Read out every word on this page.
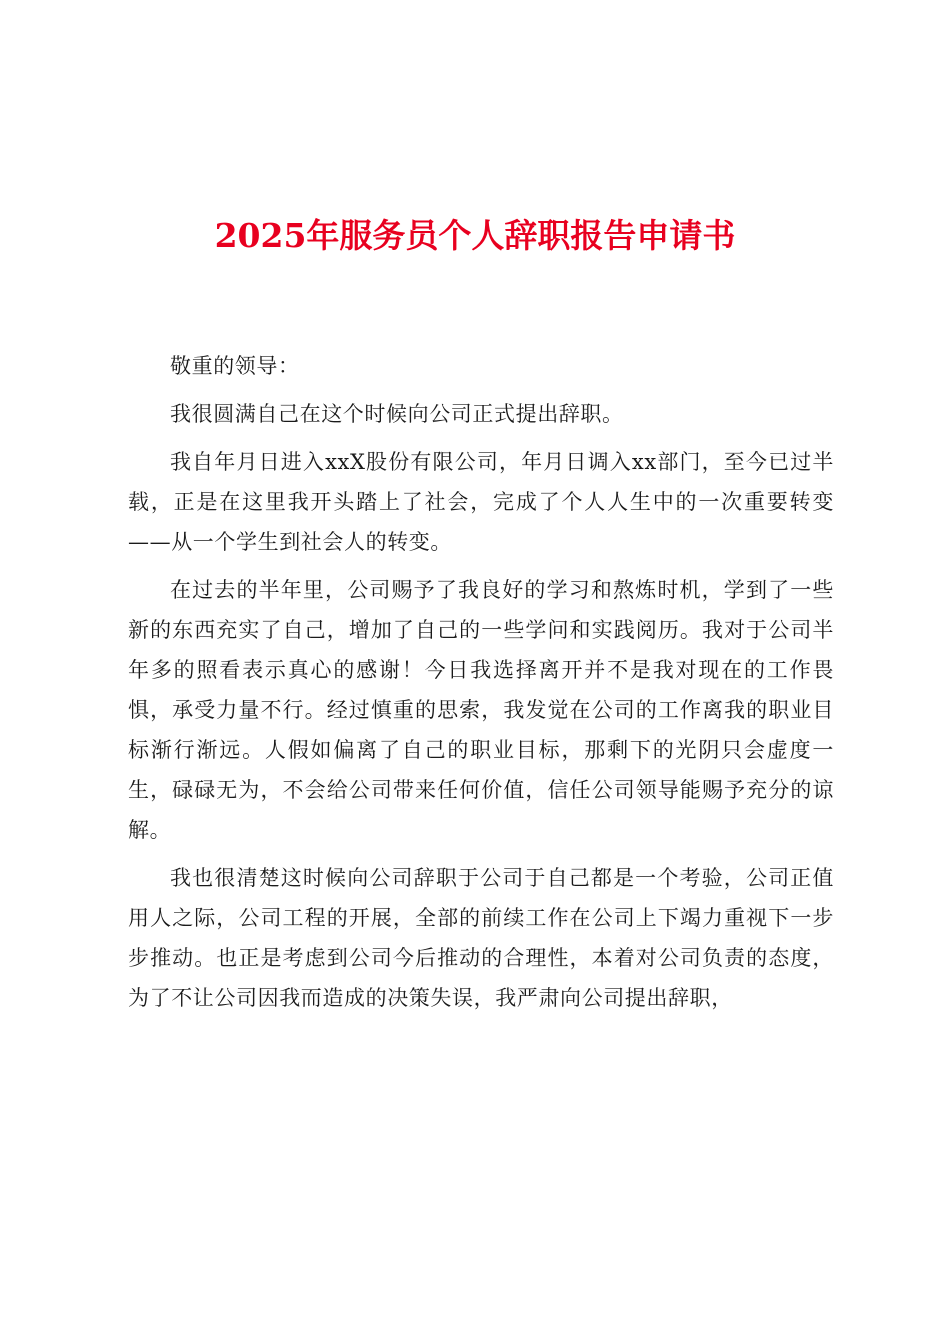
2025年服务员个人辞职报告申请书

敬重的领导：

我很圆满自己在这个时候向公司正式提出辞职。

我自年月日进入xxX股份有限公司，年月日调入xx部门，至今已过半载，正是在这里我开头踏上了社会，完成了个人人生中的一次重要转变——从一个学生到社会人的转变。

在过去的半年里，公司赐予了我良好的学习和熬炼时机，学到了一些新的东西充实了自己，增加了自己的一些学问和实践阅历。我对于公司半年多的照看表示真心的感谢！今日我选择离开并不是我对现在的工作畏惧，承受力量不行。经过慎重的思索，我发觉在公司的工作离我的职业目标渐行渐远。人假如偏离了自己的职业目标，那剩下的光阴只会虚度一生，碌碌无为，不会给公司带来任何价值，信任公司领导能赐予充分的谅解。

我也很清楚这时候向公司辞职于公司于自己都是一个考验，公司正值用人之际，公司工程的开展，全部的前续工作在公司上下竭力重视下一步步推动。也正是考虑到公司今后推动的合理性，本着对公司负责的态度，为了不让公司因我而造成的决策失误，我严肃向公司提出辞职，
